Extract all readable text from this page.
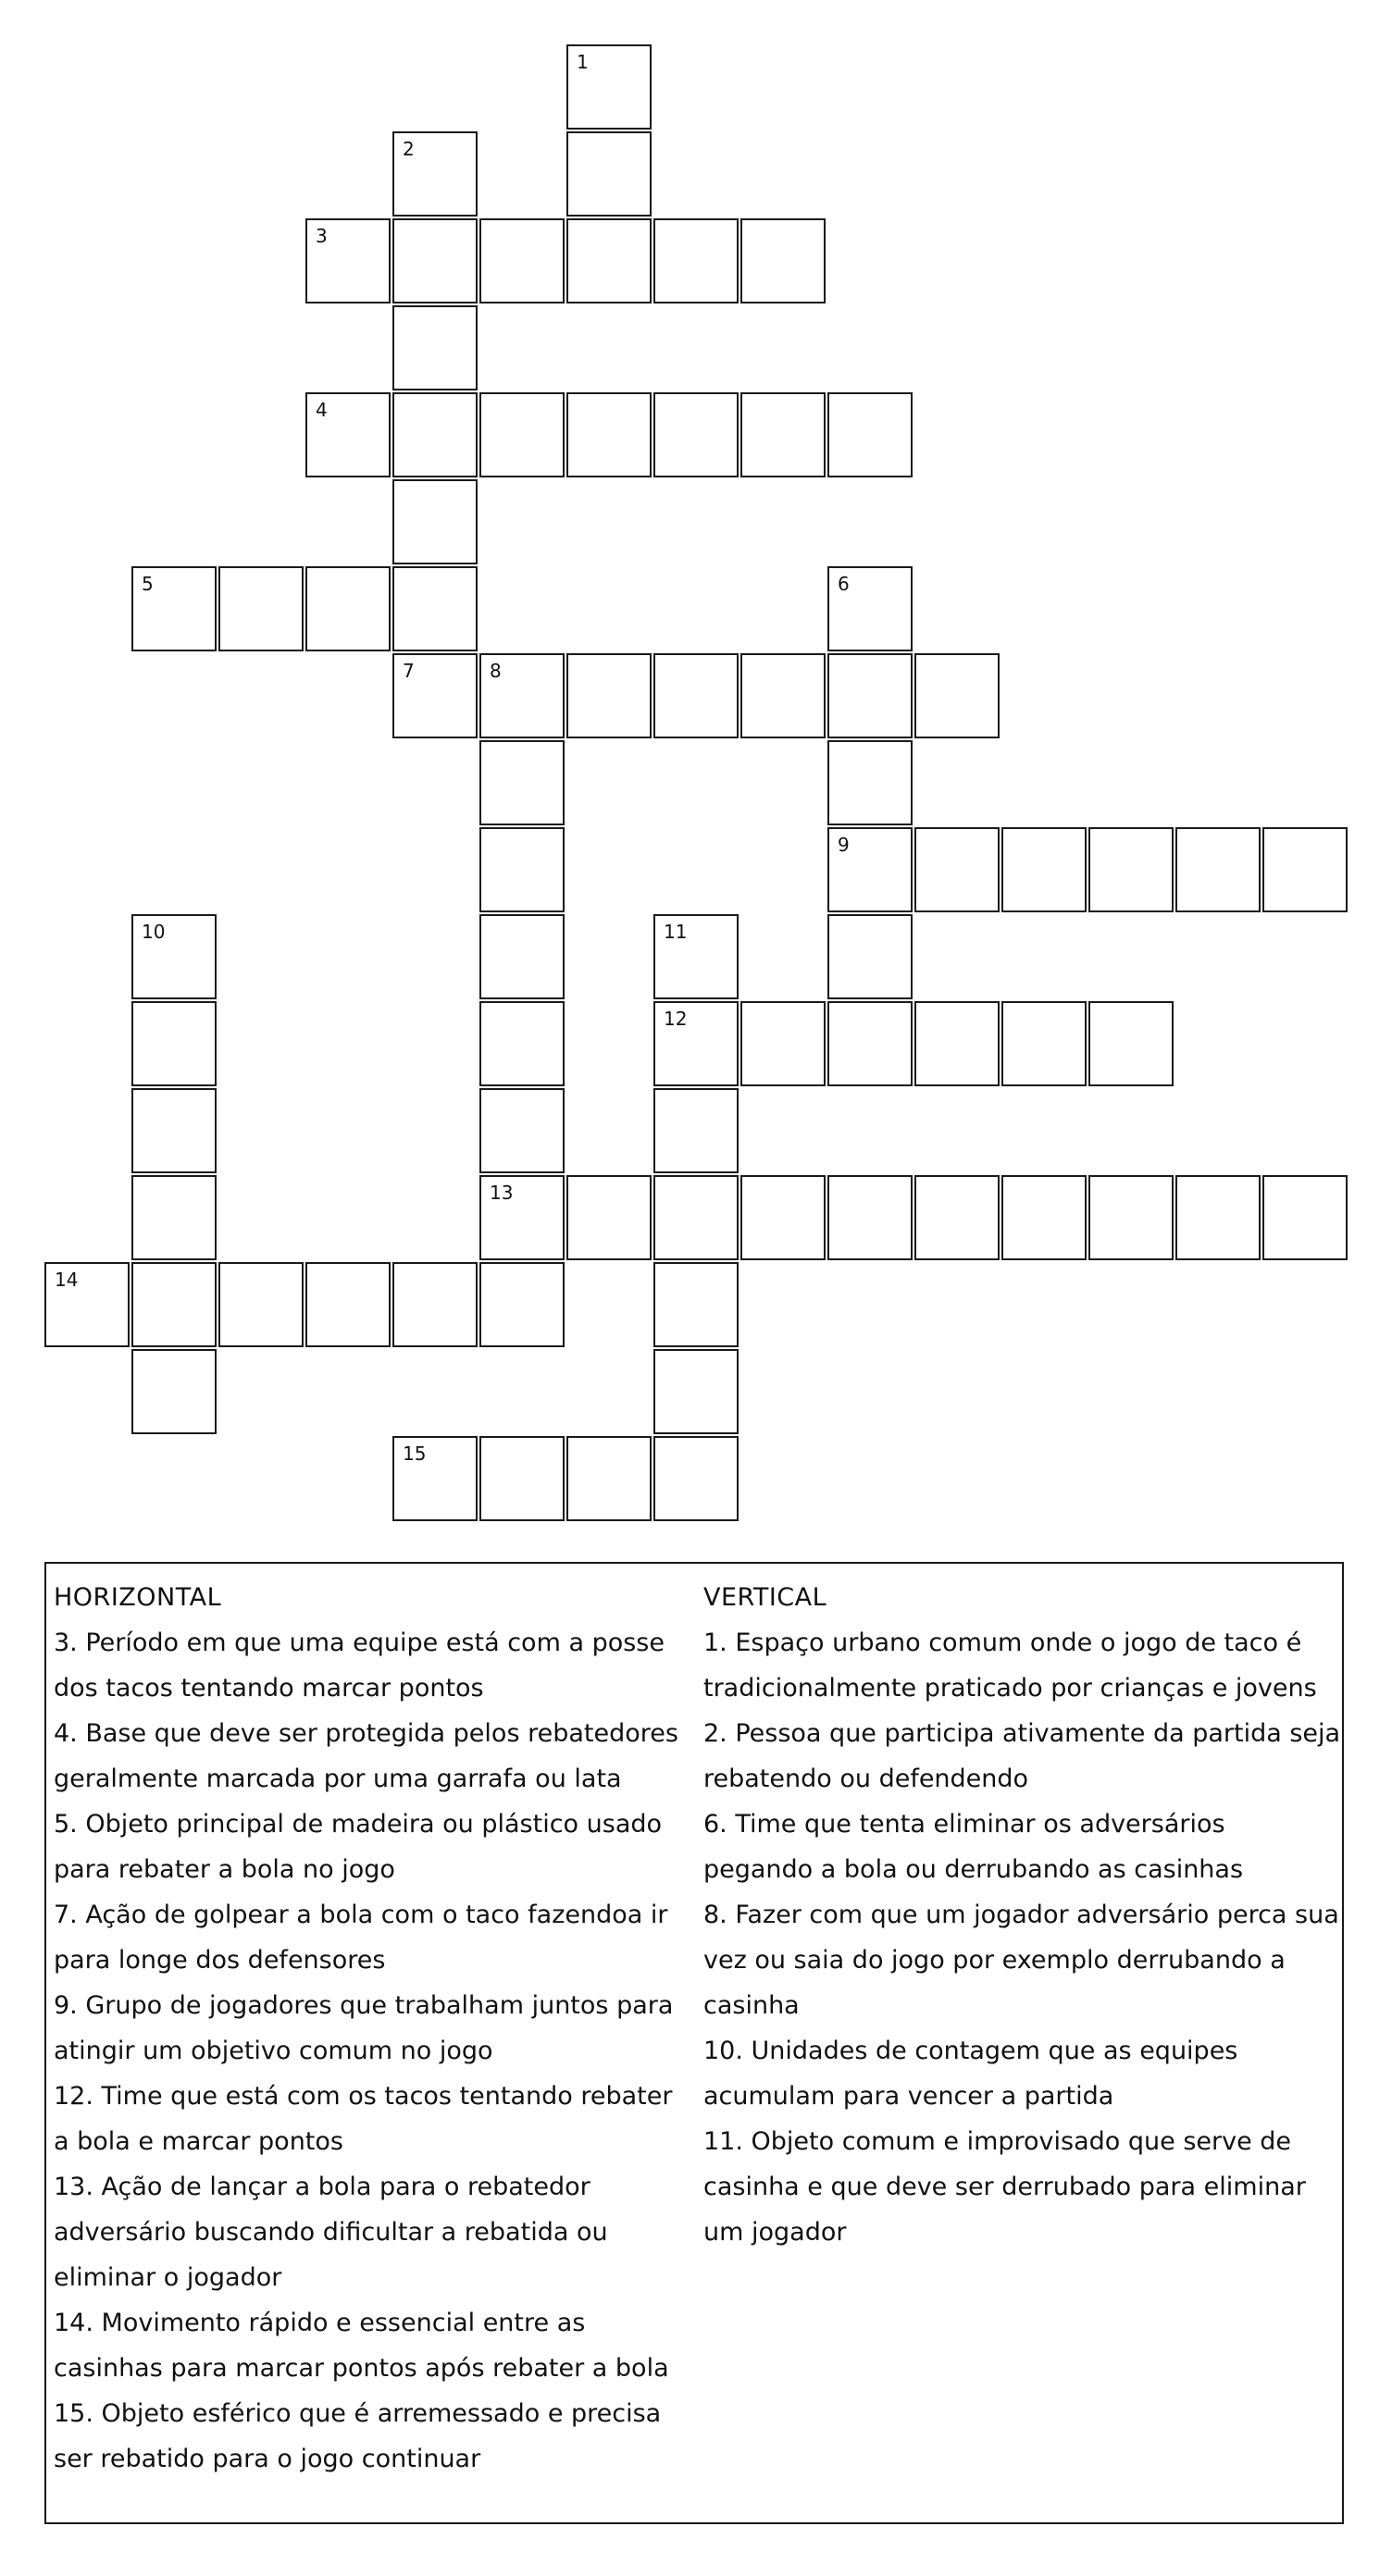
1
2
3
4
5	6
9
7	8
13
10	11
12
14
15
HORIZONTAL
3. Período em que uma equipe está com a posse dos tacos tentando marcar pontos
4. Base que deve ser protegida pelos rebatedores geralmente marcada por uma garrafa ou lata
5. Objeto principal de madeira ou plástico usado para rebater a bola no jogo
7. Ação de golpear a bola com o taco fazendoa ir para longe dos defensores
9. Grupo de jogadores que trabalham juntos para atingir um objetivo comum no jogo
12. Time que está com os tacos tentando rebater a bola e marcar pontos
13. Ação de lançar a bola para o rebatedor adversário buscando dificultar a rebatida ou eliminar o jogador
14. Movimento rápido e essencial entre as casinhas para marcar pontos após rebater a bola
15. Objeto esférico que é arremessado e precisa ser rebatido para o jogo continuar
VERTICAL
1. Espaço urbano comum onde o jogo de taco é tradicionalmente praticado por crianças e jovens
2. Pessoa que participa ativamente da partida seja rebatendo ou defendendo
6. Time que tenta eliminar os adversários pegando a bola ou derrubando as casinhas
8. Fazer com que um jogador adversário perca sua vez ou saia do jogo por exemplo derrubando a casinha
10. Unidades de contagem que as equipes acumulam para vencer a partida
11. Objeto comum e improvisado que serve de casinha e que deve ser derrubado para eliminar um jogador
